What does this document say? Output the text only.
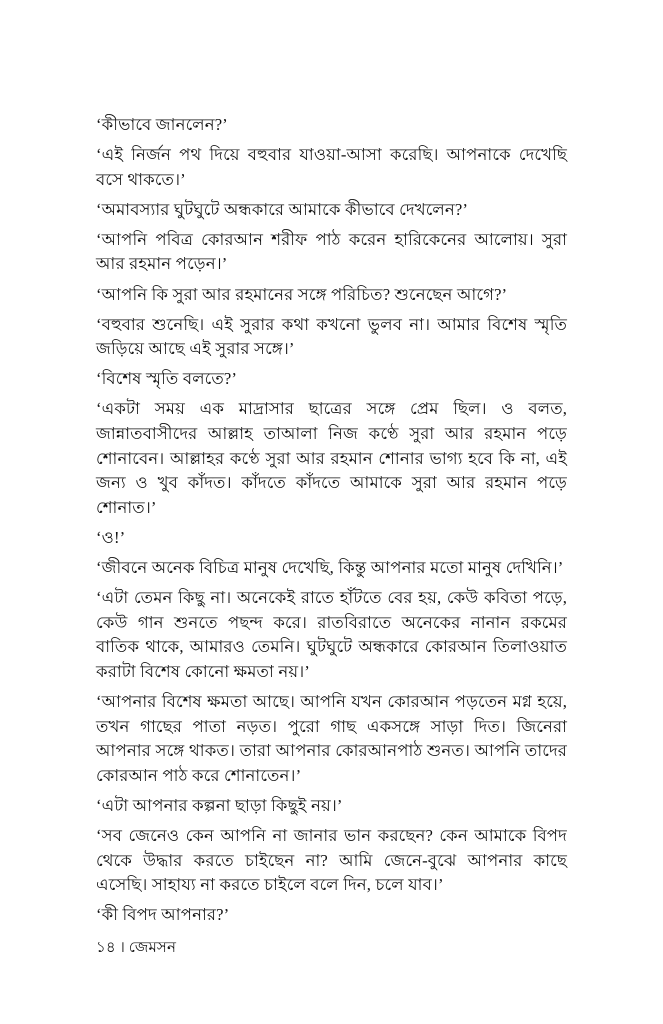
‘কীভাবে জানলেন?’

‘এই নির্জন পথ দিয়ে বহুবার যাওয়া-আসা করেছি। আপনাকে দেখেছি বসে থাকতে।’

‘অমাবস্যার ঘুটঘুটে অন্ধকারে আমাকে কীভাবে দেখলেন?’

‘আপনি পবিত্র কোরআন শরীফ পাঠ করেন হারিকেনের আলোয়। সুরা আর রহমান পড়েন।’

‘আপনি কি সুরা আর রহমানের সঙ্গে পরিচিত? শুনেছেন আগে?’

‘বহুবার শুনেছি। এই সুরার কথা কখনো ভুলব না। আমার বিশেষ স্মৃতি জড়িয়ে আছে এই সুরার সঙ্গে।’

‘বিশেষ স্মৃতি বলতে?’

‘একটা সময় এক মাদ্রাসার ছাত্রের সঙ্গে প্রেম ছিল। ও বলত, জান্নাতবাসীদের আল্লাহ তাআলা নিজ কণ্ঠে সুরা আর রহমান পড়ে শোনাবেন। আল্লাহর কণ্ঠে সুরা আর রহমান শোনার ভাগ্য হবে কি না, এই জন্য ও খুব কাঁদত। কাঁদতে কাঁদতে আমাকে সুরা আর রহমান পড়ে শোনাত।’

‘ও!’

‘জীবনে অনেক বিচিত্র মানুষ দেখেছি, কিন্তু আপনার মতো মানুষ দেখিনি।’

‘এটা তেমন কিছু না। অনেকেই রাতে হাঁটতে বের হয়, কেউ কবিতা পড়ে, কেউ গান শুনতে পছন্দ করে। রাতবিরাতে অনেকের নানান রকমের বাতিক থাকে, আমারও তেমনি। ঘুটঘুটে অন্ধকারে কোরআন তিলাওয়াত করাটা বিশেষ কোনো ক্ষমতা নয়।’

‘আপনার বিশেষ ক্ষমতা আছে। আপনি যখন কোরআন পড়তেন মগ্ন হয়ে, তখন গাছের পাতা নড়ত। পুরো গাছ একসঙ্গে সাড়া দিত। জিনেরা আপনার সঙ্গে থাকত। তারা আপনার কোরআনপাঠ শুনত। আপনি তাদের কোরআন পাঠ করে শোনাতেন।’

‘এটা আপনার কল্পনা ছাড়া কিছুই নয়।’

‘সব জেনেও কেন আপনি না জানার ভান করছেন? কেন আমাকে বিপদ থেকে উদ্ধার করতে চাইছেন না? আমি জেনে-বুঝে আপনার কাছে এসেছি। সাহায্য না করতে চাইলে বলে দিন, চলে যাব।’

‘কী বিপদ আপনার?’

১৪ । জেমসন
